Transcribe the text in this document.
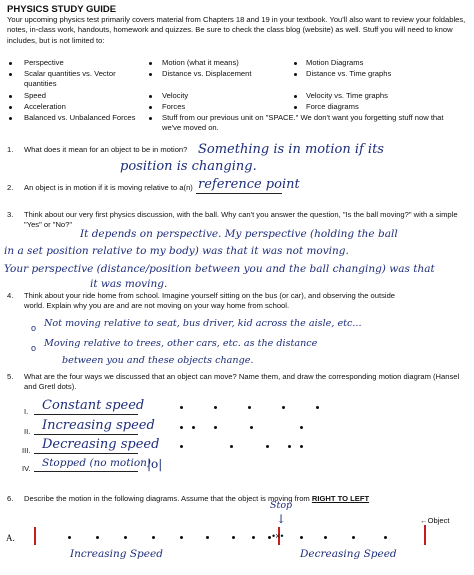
PHYSICS STUDY GUIDE
Your upcoming physics test primarily covers material from Chapters 18 and 19 in your textbook. You'll also want to review your foldables, notes, in-class work, handouts, homework and quizzes. Be sure to check the class blog (website) as well. Stuff you will need to know includes, but is not limited to:
Perspective
Scalar quantities vs. Vector quantities
Speed
Acceleration
Balanced vs. Unbalanced Forces
Motion (what it means)
Distance vs. Displacement
Velocity
Forces
Stuff from our previous unit on "SPACE." We don't want you forgetting stuff now that we've moved on.
Motion Diagrams
Distance vs. Time graphs
Velocity vs. Time graphs
Force diagrams
1. What does it mean for an object to be in motion? Something is in motion if its
position is changing.
2. An object is in motion if it is moving relative to a(n) reference point
3. Think about our very first physics discussion, with the ball. Why can't you answer the question, "Is the ball moving?" with a simple "Yes" or "No?"
It depends on perspective. My perspective (holding the ball
in a set position relative to my body) was that it was not moving.
Your perspective (distance/position between you and the ball changing) was that
it was moving.
4. Think about your ride home from school. Imagine yourself sitting on the bus (or car), and observing the outside world. Explain why you are and are not moving on your way home from school.
o Not moving relative to seat, bus driver, kid across the aisle, etc...
o Moving relative to trees, other cars, etc. as the distance
between you and these objects change.
5. What are the four ways we discussed that an object can move? Name them, and draw the corresponding motion diagram (Hansel and Gretl dots).
I. Constant speed
II. Increasing speed
III. Decreasing speed
IV. Stopped (no motion)
|o|
6. Describe the motion in the following diagrams. Assume that the object is moving from RIGHT TO LEFT
←Object
A.
Stop
↓
•×•
Increasing Speed	Decreasing Speed
